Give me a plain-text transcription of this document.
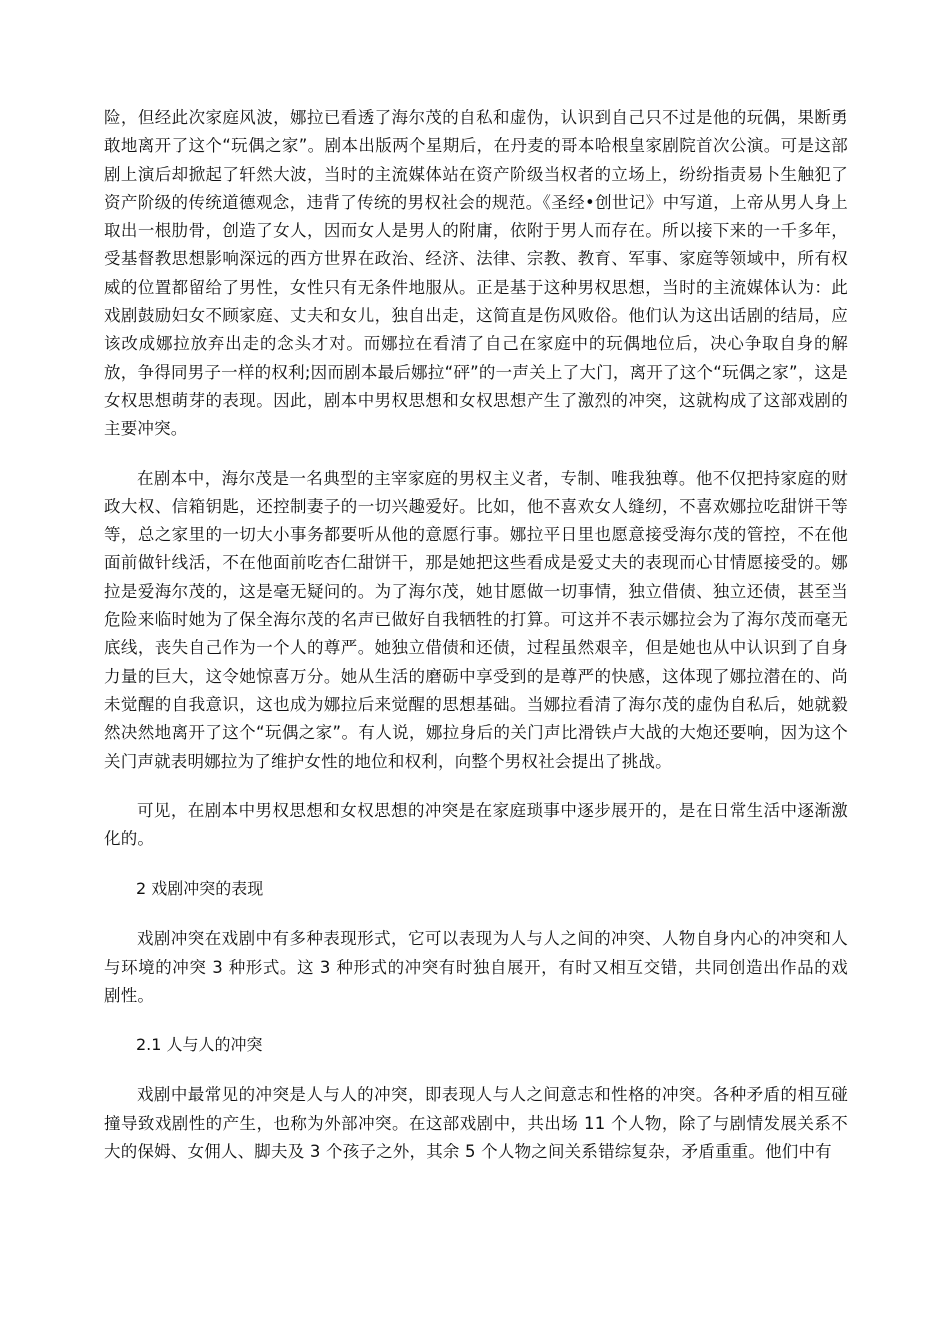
险，但经此次家庭风波，娜拉已看透了海尔茂的自私和虚伪，认识到自己只不过是他的玩偶，果断勇敢地离开了这个“玩偶之家”。剧本出版两个星期后，在丹麦的哥本哈根皇家剧院首次公演。可是这部剧上演后却掀起了轩然大波，当时的主流媒体站在资产阶级当权者的立场上，纷纷指责易卜生触犯了资产阶级的传统道德观念，违背了传统的男权社会的规范。《圣经•创世记》中写道，上帝从男人身上取出一根肋骨，创造了女人，因而女人是男人的附庸，依附于男人而存在。所以接下来的一千多年，受基督教思想影响深远的西方世界在政治、经济、法律、宗教、教育、军事、家庭等领域中，所有权威的位置都留给了男性，女性只有无条件地服从。正是基于这种男权思想，当时的主流媒体认为：此戏剧鼓励妇女不顾家庭、丈夫和女儿，独自出走，这简直是伤风败俗。他们认为这出话剧的结局，应该改成娜拉放弃出走的念头才对。而娜拉在看清了自己在家庭中的玩偶地位后，决心争取自身的解放，争得同男子一样的权利;因而剧本最后娜拉“砰”的一声关上了大门，离开了这个“玩偶之家”，这是女权思想萌芽的表现。因此，剧本中男权思想和女权思想产生了激烈的冲突，这就构成了这部戏剧的主要冲突。

在剧本中，海尔茂是一名典型的主宰家庭的男权主义者，专制、唯我独尊。他不仅把持家庭的财政大权、信箱钥匙，还控制妻子的一切兴趣爱好。比如，他不喜欢女人缝纫，不喜欢娜拉吃甜饼干等等，总之家里的一切大小事务都要听从他的意愿行事。娜拉平日里也愿意接受海尔茂的管控，不在他面前做针线活，不在他面前吃杏仁甜饼干，那是她把这些看成是爱丈夫的表现而心甘情愿接受的。娜拉是爱海尔茂的，这是毫无疑问的。为了海尔茂，她甘愿做一切事情，独立借债、独立还债，甚至当危险来临时她为了保全海尔茂的名声已做好自我牺牲的打算。可这并不表示娜拉会为了海尔茂而毫无底线，丧失自己作为一个人的尊严。她独立借债和还债，过程虽然艰辛，但是她也从中认识到了自身力量的巨大，这令她惊喜万分。她从生活的磨砺中享受到的是尊严的快感，这体现了娜拉潜在的、尚未觉醒的自我意识，这也成为娜拉后来觉醒的思想基础。当娜拉看清了海尔茂的虚伪自私后，她就毅然决然地离开了这个“玩偶之家”。有人说，娜拉身后的关门声比滑铁卢大战的大炮还要响，因为这个关门声就表明娜拉为了维护女性的地位和权利，向整个男权社会提出了挑战。

可见，在剧本中男权思想和女权思想的冲突是在家庭琐事中逐步展开的，是在日常生活中逐渐激化的。

2 戏剧冲突的表现

戏剧冲突在戏剧中有多种表现形式，它可以表现为人与人之间的冲突、人物自身内心的冲突和人与环境的冲突 3 种形式。这 3 种形式的冲突有时独自展开，有时又相互交错，共同创造出作品的戏剧性。

2.1 人与人的冲突

戏剧中最常见的冲突是人与人的冲突，即表现人与人之间意志和性格的冲突。各种矛盾的相互碰撞导致戏剧性的产生，也称为外部冲突。在这部戏剧中，共出场 11 个人物，除了与剧情发展关系不大的保姆、女佣人、脚夫及 3 个孩子之外，其余 5 个人物之间关系错综复杂，矛盾重重。他们中有
